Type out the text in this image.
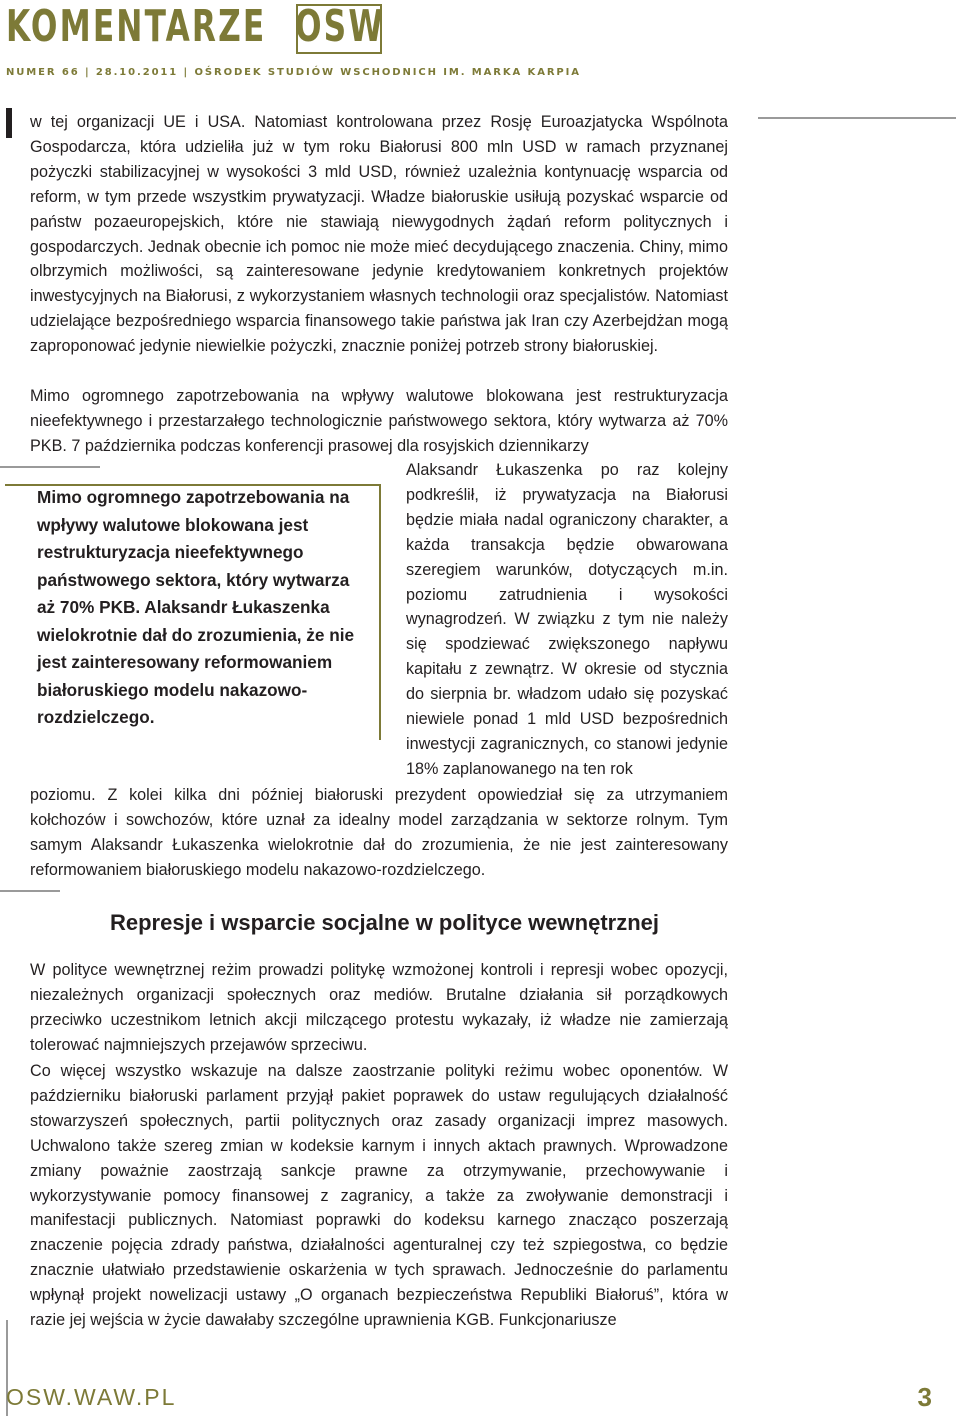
KOMENTARZE OSW
NUMER 66 | 28.10.2011 | OŚRODEK STUDIÓW WSCHODNICH IM. MARKA KARPIA

w tej organizacji UE i USA. Natomiast kontrolowana przez Rosję Euroazjatycka Wspólnota Gospodarcza, która udzieliła już w tym roku Białorusi 800 mln USD w ramach przyznanej pożyczki stabilizacyjnej w wysokości 3 mld USD, również uzależnia kontynuację wsparcia od reform, w tym przede wszystkim prywatyzacji. Władze białoruskie usiłują pozyskać wsparcie od państw pozaeuropejskich, które nie stawiają niewygodnych żądań reform politycznych i gospodarczych. Jednak obecnie ich pomoc nie może mieć decydującego znaczenia. Chiny, mimo olbrzymich możliwości, są zainteresowane jedynie kredytowaniem konkretnych projektów inwestycyjnych na Białorusi, z wykorzystaniem własnych technologii oraz specjalistów. Natomiast udzielające bezpośredniego wsparcia finansowego takie państwa jak Iran czy Azerbejdżan mogą zaproponować jedynie niewielkie pożyczki, znacznie poniżej potrzeb strony białoruskiej.

Mimo ogromnego zapotrzebowania na wpływy walutowe blokowana jest restrukturyzacja nieefektywnego i przestarzałego technologicznie państwowego sektora, który wytwarza aż 70% PKB. 7 października podczas konferencji prasowej dla rosyjskich dziennikarzy

Alaksandr Łukaszenka po raz kolejny podkreślił, iż prywatyzacja na Białorusi będzie miała nadal ograniczony charakter, a każda transakcja będzie obwarowana szeregiem warunków, dotyczących m.in. poziomu zatrudnienia i wysokości wynagrodzeń. W związku z tym nie należy się spodziewać zwiększonego napływu kapitału z zewnątrz. W okresie od stycznia do sierpnia br. władzom udało się pozyskać niewiele ponad 1 mld USD bezpośrednich inwestycji zagranicznych, co stanowi jedynie 18% zaplanowanego na ten rok

poziomu. Z kolei kilka dni później białoruski prezydent opowiedział się za utrzymaniem kołchozów i sowchozów, które uznał za idealny model zarządzania w sektorze rolnym. Tym samym Alaksandr Łukaszenka wielokrotnie dał do zrozumienia, że nie jest zainteresowany reformowaniem białoruskiego modelu nakazowo-rozdzielczego.

Mimo ogromnego zapotrzebowania na wpływy walutowe blokowana jest restrukturyzacja nieefektywnego państwowego sektora, który wytwarza aż 70% PKB. Alaksandr Łukaszenka wielokrotnie dał do zrozumienia, że nie jest zainteresowany reformowaniem białoruskiego modelu nakazowo-rozdzielczego.
Represje i wsparcie socjalne w polityce wewnętrznej

W polityce wewnętrznej reżim prowadzi politykę wzmożonej kontroli i represji wobec opozycji, niezależnych organizacji społecznych oraz mediów. Brutalne działania sił porządkowych przeciwko uczestnikom letnich akcji milczącego protestu wykazały, iż władze nie zamierzają tolerować najmniejszych przejawów sprzeciwu.

Co więcej wszystko wskazuje na dalsze zaostrzanie polityki reżimu wobec oponentów. W październiku białoruski parlament przyjął pakiet poprawek do ustaw regulujących działalność stowarzyszeń społecznych, partii politycznych oraz zasady organizacji imprez masowych. Uchwalono także szereg zmian w kodeksie karnym i innych aktach prawnych. Wprowadzone zmiany poważnie zaostrzają sankcje prawne za otrzymywanie, przechowywanie i wykorzystywanie pomocy finansowej z zagranicy, a także za zwoływanie demonstracji i manifestacji publicznych. Natomiast poprawki do kodeksu karnego znacząco poszerzają znaczenie pojęcia zdrady państwa, działalności agenturalnej czy też szpiegostwa, co będzie znacznie ułatwiało przedstawienie oskarżenia w tych sprawach. Jednocześnie do parlamentu wpłynął projekt nowelizacji ustawy „O organach bezpieczeństwa Republiki Białoruś”, która w razie jej wejścia w życie dawałaby szczególne uprawnienia KGB. Funkcjonariusze

OSW.WAW.PL	3
